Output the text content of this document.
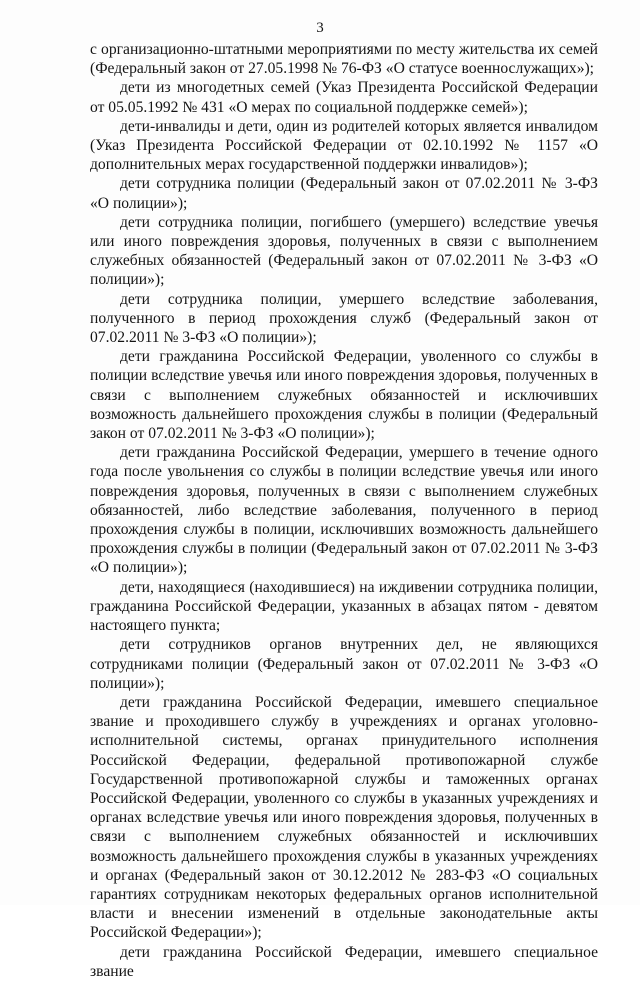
3

с организационно-штатными мероприятиями по месту жительства их семей (Федеральный закон от 27.05.1998 № 76-ФЗ «О статусе военнослужащих»);

дети из многодетных семей (Указ Президента Российской Федерации от 05.05.1992 № 431 «О мерах по социальной поддержке семей»);

дети-инвалиды и дети, один из родителей которых является инвалидом (Указ Президента Российской Федерации от 02.10.1992 № 1157 «О дополнительных мерах государственной поддержки инвалидов»);

дети сотрудника полиции (Федеральный закон от 07.02.2011 № 3-ФЗ «О полиции»);

дети сотрудника полиции, погибшего (умершего) вследствие увечья или иного повреждения здоровья, полученных в связи с выполнением служебных обязанностей (Федеральный закон от 07.02.2011 № 3-ФЗ «О полиции»);

дети сотрудника полиции, умершего вследствие заболевания, полученного в период прохождения служб (Федеральный закон от 07.02.2011 № 3-ФЗ «О полиции»);

дети гражданина Российской Федерации, уволенного со службы в полиции вследствие увечья или иного повреждения здоровья, полученных в связи с выполнением служебных обязанностей и исключивших возможность дальнейшего прохождения службы в полиции (Федеральный закон от 07.02.2011 № 3-ФЗ «О полиции»);

дети гражданина Российской Федерации, умершего в течение одного года после увольнения со службы в полиции вследствие увечья или иного повреждения здоровья, полученных в связи с выполнением служебных обязанностей, либо вследствие заболевания, полученного в период прохождения службы в полиции, исключивших возможность дальнейшего прохождения службы в полиции (Федеральный закон от 07.02.2011 № 3-ФЗ «О полиции»);

дети, находящиеся (находившиеся) на иждивении сотрудника полиции, гражданина Российской Федерации, указанных в абзацах пятом - девятом настоящего пункта;

дети сотрудников органов внутренних дел, не являющихся сотрудниками полиции (Федеральный закон от 07.02.2011 № 3-ФЗ «О полиции»);

дети гражданина Российской Федерации, имевшего специальное звание и проходившего службу в учреждениях и органах уголовно-исполнительной системы, органах принудительного исполнения Российской Федерации, федеральной противопожарной службе Государственной противопожарной службы и таможенных органах Российской Федерации, уволенного со службы в указанных учреждениях и органах вследствие увечья или иного повреждения здоровья, полученных в связи с выполнением служебных обязанностей и исключивших возможность дальнейшего прохождения службы в указанных учреждениях и органах (Федеральный закон от 30.12.2012 № 283-ФЗ «О социальных гарантиях сотрудникам некоторых федеральных органов исполнительной власти и внесении изменений в отдельные законодательные акты Российской Федерации»);

дети гражданина Российской Федерации, имевшего специальное звание
